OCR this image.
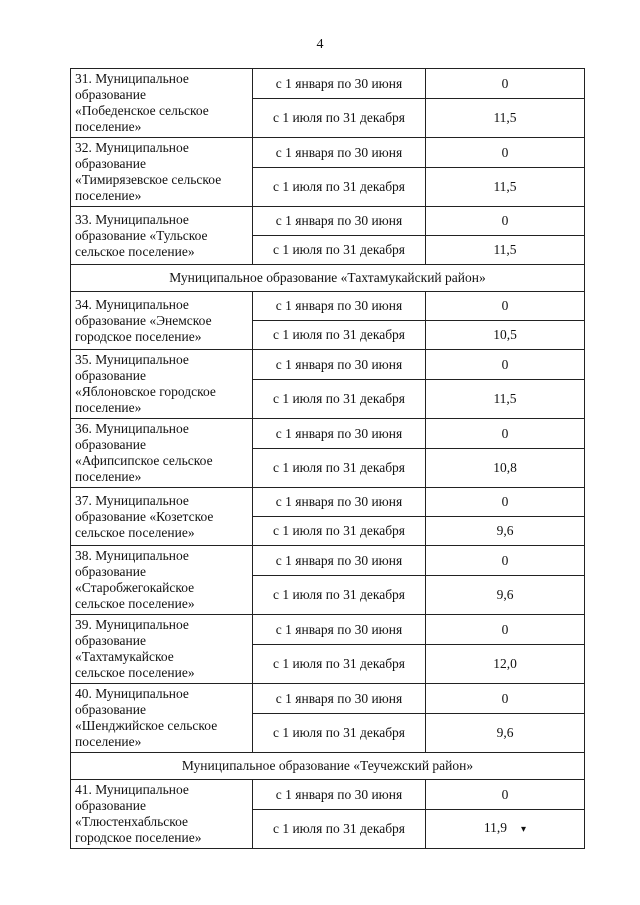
4
31. Муниципальное
образование
«Победенское сельское
поселение»	с 1 января по 30 июня	0
	с 1 июля по 31 декабря	11,5

32. Муниципальное
образование
«Тимирязевское сельское
поселение»	с 1 января по 30 июня	0
	с 1 июля по 31 декабря	11,5

33. Муниципальное
образование «Тульское
сельское поселение»	с 1 января по 30 июня	0
	с 1 июля по 31 декабря	11,5
Муниципальное образование «Тахтамукайский район»		

34. Муниципальное
образование «Энемское
городское поселение»	с 1 января по 30 июня	0
	с 1 июля по 31 декабря	10,5

35. Муниципальное
образование
«Яблоновское городское
поселение»	с 1 января по 30 июня	0
	с 1 июля по 31 декабря	11,5

36. Муниципальное
образование
«Афипсипское сельское
поселение»	с 1 января по 30 июня	0
	с 1 июля по 31 декабря	10,8

37. Муниципальное
образование «Козетское
сельское поселение»	с 1 января по 30 июня	0
	с 1 июля по 31 декабря	9,6

38. Муниципальное
образование
«Старобжегокайское
сельское поселение»	с 1 января по 30 июня	0
	с 1 июля по 31 декабря	9,6

39. Муниципальное
образование
«Тахтамукайское
сельское поселение»	с 1 января по 30 июня	0
	с 1 июля по 31 декабря	12,0

40. Муниципальное
образование
«Шенджийское сельское
поселение»	с 1 января по 30 июня	0
	с 1 июля по 31 декабря	9,6
Муниципальное образование «Теучежский район»		

41. Муниципальное
образование
«Тлюстенхабльское
городское поселение»	с 1 января по 30 июня	0
	с 1 июля по 31 декабря	11,9 ▾
